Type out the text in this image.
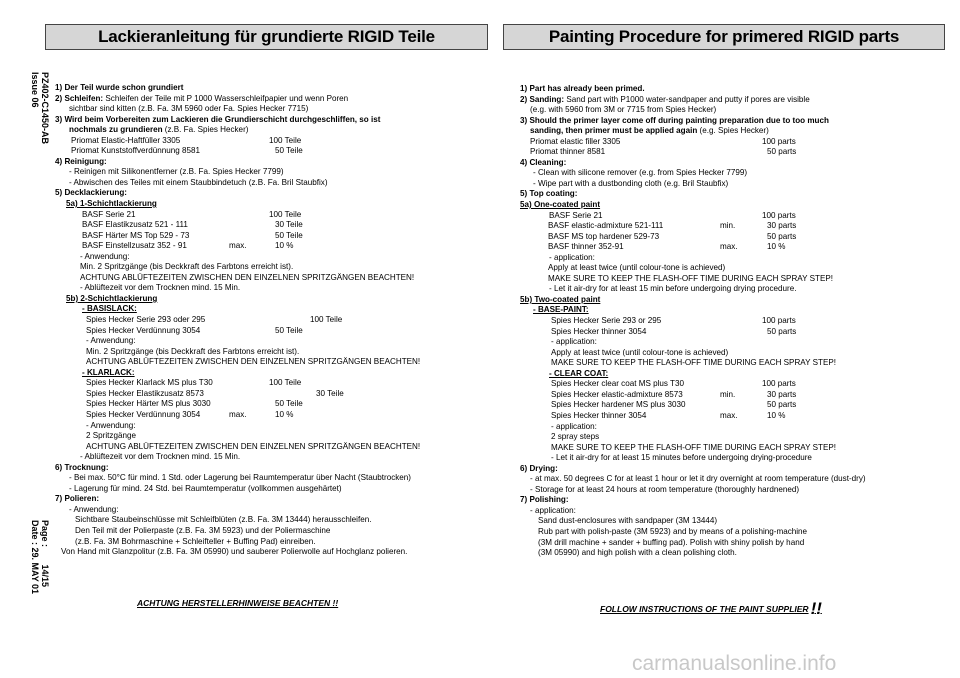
Lackieranleitung für grundierte RIGID Teile	Painting Procedure for primered RIGID parts
PZ402-C1450-AB
Issue 06
Page :       14/15
Date : 29. MAY 01
1) Der Teil wurde schon grundiert
2) Schleifen: Schleifen der Teile mit P 1000 Wasserschleifpapier und wenn Poren
sichtbar sind kitten (z.B. Fa. 3M 5960 oder Fa. Spies Hecker 7715)
3) Wird beim Vorbereiten zum Lackieren die Grundierschicht durchgeschliffen, so ist
nochmals zu grundieren (z.B. Fa. Spies Hecker)
Priomat Elastic-Haftfüller 3305	100 Teile
Priomat Kunststoffverdünnung 8581	50 Teile
4) Reinigung:
- Reinigen mit Silikonentferner (z.B. Fa. Spies Hecker 7799)
- Abwischen des Teiles mit einem Staubbindetuch (z.B. Fa. Bril Staubfix)
5) Decklackierung:
5a) 1-Schichtlackierung
BASF Serie 21	100 Teile
BASF Elastikzusatz 521 - 111	30 Teile
BASF Härter MS Top 529 - 73	50 Teile
BASF Einstellzusatz 352 - 91	max.	10 %
- Anwendung:
Min. 2 Spritzgänge (bis Deckkraft des Farbtons erreicht ist).
ACHTUNG ABLÜFTEZEITEN ZWISCHEN DEN EINZELNEN SPRITZGÄNGEN BEACHTEN!
- Ablüftezeit vor dem Trocknen mind. 15 Min.
5b) 2-Schichtlackierung
- BASISLACK:
Spies Hecker Serie 293 oder 295	100 Teile
Spies Hecker Verdünnung 3054	50 Teile
- Anwendung:
Min. 2 Spritzgänge (bis Deckkraft des Farbtons erreicht ist).
ACHTUNG ABLÜFTEZEITEN ZWISCHEN DEN EINZELNEN SPRITZGÄNGEN BEACHTEN!
- KLARLACK:
Spies Hecker Klarlack MS plus T30	100 Teile
Spies Hecker Elastikzusatz 8573	30 Teile
Spies Hecker Härter MS plus 3030	50 Teile
Spies Hecker Verdünnung 3054	max.	10 %
- Anwendung:
2 Spritzgänge
ACHTUNG ABLÜFTEZEITEN ZWISCHEN DEN EINZELNEN SPRITZGÄNGEN BEACHTEN!
- Ablüftezeit vor dem Trocknen mind. 15 Min.
6) Trocknung:
- Bei max. 50°C für mind. 1 Std. oder Lagerung bei Raumtemperatur über Nacht (Staubtrocken)
- Lagerung für mind. 24 Std. bei Raumtemperatur (vollkommen ausgehärtet)
7) Polieren:
- Anwendung:
Sichtbare Staubeinschlüsse mit Schleifblüten (z.B. Fa. 3M 13444) herausschleifen.
Den Teil mit der Polierpaste (z.B. Fa. 3M 5923) und der Poliermaschine
(z.B. Fa. 3M Bohrmaschine + Schleifteller + Buffing Pad) einreiben.
Von Hand mit Glanzpolitur (z.B. Fa. 3M 05990) und sauberer Polierwolle auf Hochglanz polieren.
1) Part has already been primed.
2) Sanding: Sand part with P1000 water-sandpaper and putty if pores are visible
(e.g. with 5960 from 3M or 7715 from Spies Hecker)
3) Should the primer layer come off during painting preparation due to too much
sanding, then primer must be applied again (e.g. Spies Hecker)
Priomat elastic filler 3305	100 parts
Priomat thinner 8581	50 parts
4) Cleaning:
- Clean with silicone remover (e.g. from Spies Hecker 7799)
- Wipe part with a dustbonding cloth (e.g. Bril Staubfix)
5) Top coating:
5a) One-coated paint
BASF Serie 21	100 parts
BASF elastic-admixture 521-111	min.	30 parts
BASF MS top hardener 529-73	50 parts
BASF thinner 352-91	max.	10 %
- application:
Apply at least twice (until colour-tone is achieved)
MAKE SURE TO KEEP THE FLASH-OFF TIME DURING EACH SPRAY STEP!
- Let it air-dry for at least 15 min before undergoing drying procedure.
5b) Two-coated paint
- BASE-PAINT:
Spies Hecker Serie 293 or 295	100 parts
Spies Hecker thinner 3054	50 parts
- application:
Apply at least twice (until colour-tone is achieved)
MAKE SURE TO KEEP THE FLASH-OFF TIME DURING EACH SPRAY STEP!
- CLEAR COAT:
Spies Hecker clear coat MS plus T30	100 parts
Spies Hecker elastic-admixture 8573	min.	30 parts
Spies Hecker hardener MS plus 3030	50 parts
Spies Hecker thinner 3054	max.	10 %
- application:
2 spray steps
MAKE SURE TO KEEP THE FLASH-OFF TIME DURING EACH SPRAY STEP!
- Let it air-dry for at least 15 minutes before undergoing drying-procedure
6) Drying:
- at max. 50 degrees C for at least 1 hour or let it dry overnight at room temperature (dust-dry)
- Storage for at least 24 hours at room temperature (thoroughly hardnened)
7) Polishing:
- application:
Sand dust-enclosures with sandpaper (3M 13444)
Rub part with polish-paste (3M 5923) and by means of a polishing-machine
(3M drill machine + sander + buffing pad). Polish with shiny polish by hand
(3M 05990) and high polish with a clean polishing cloth.
ACHTUNG HERSTELLERHINWEISE BEACHTEN !!
FOLLOW INSTRUCTIONS OF THE PAINT SUPPLIER !!
carmanualsonline.info
